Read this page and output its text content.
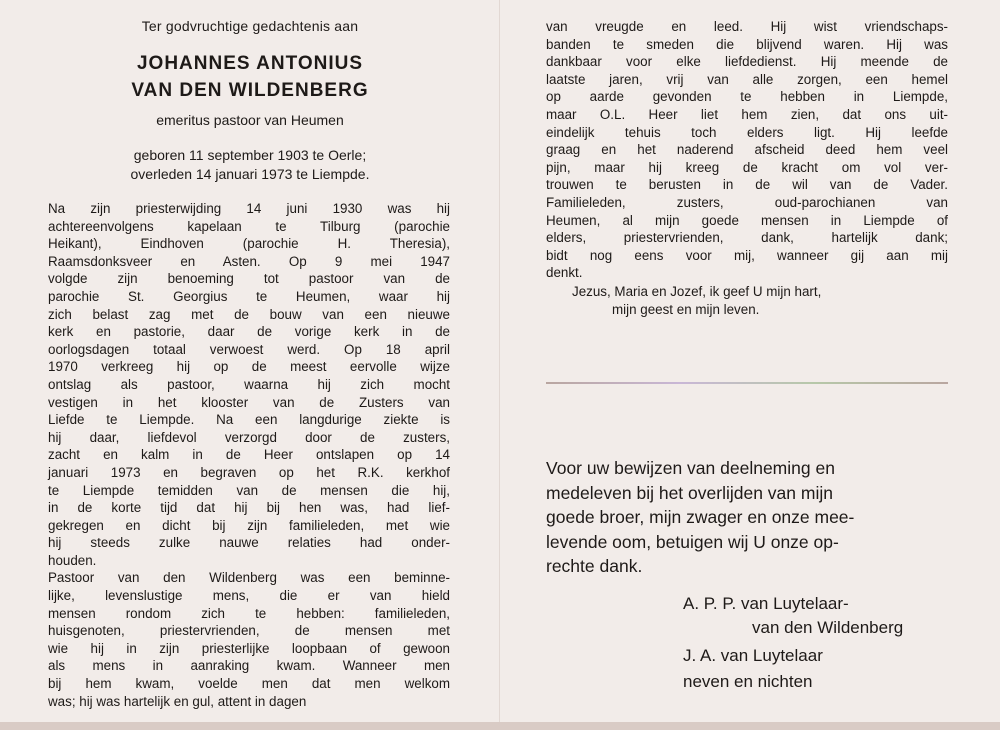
Ter godvruchtige gedachtenis aan
JOHANNES ANTONIUS
VAN DEN WILDENBERG
emeritus pastoor van Heumen
geboren 11 september 1903 te Oerle;
overleden 14 januari 1973 te Liempde.
Na zijn priesterwijding 14 juni 1930 was hij
achtereenvolgens kapelaan te Tilburg (parochie
Heikant), Eindhoven (parochie H. Theresia),
Raamsdonksveer en Asten. Op 9 mei 1947
volgde zijn benoeming tot pastoor van de
parochie St. Georgius te Heumen, waar hij
zich belast zag met de bouw van een nieuwe
kerk en pastorie, daar de vorige kerk in de
oorlogsdagen totaal verwoest werd. Op 18 april
1970 verkreeg hij op de meest eervolle wijze
ontslag als pastoor, waarna hij zich mocht
vestigen in het klooster van de Zusters van
Liefde te Liempde. Na een langdurige ziekte is
hij daar, liefdevol verzorgd door de zusters,
zacht en kalm in de Heer ontslapen op 14
januari 1973 en begraven op het R.K. kerkhof
te Liempde temidden van de mensen die hij,
in de korte tijd dat hij bij hen was, had lief-
gekregen en dicht bij zijn familieleden, met wie
hij steeds zulke nauwe relaties had onder-
houden.
Pastoor van den Wildenberg was een beminne-
lijke, levenslustige mens, die er van hield
mensen rondom zich te hebben: familieleden,
huisgenoten, priestervrienden, de mensen met
wie hij in zijn priesterlijke loopbaan of gewoon
als mens in aanraking kwam. Wanneer men
bij hem kwam, voelde men dat men welkom
was; hij was hartelijk en gul, attent in dagen
van vreugde en leed. Hij wist vriendschaps-
banden te smeden die blijvend waren. Hij was
dankbaar voor elke liefdedienst. Hij meende de
laatste jaren, vrij van alle zorgen, een hemel
op aarde gevonden te hebben in Liempde,
maar O.L. Heer liet hem zien, dat ons uit-
eindelijk tehuis toch elders ligt. Hij leefde
graag en het naderend afscheid deed hem veel
pijn, maar hij kreeg de kracht om vol ver-
trouwen te berusten in de wil van de Vader.
Familieleden, zusters, oud-parochianen van
Heumen, al mijn goede mensen in Liempde of
elders, priestervrienden, dank, hartelijk dank;
bidt nog eens voor mij, wanneer gij aan mij
denkt.
Jezus, Maria en Jozef, ik geef U mijn hart,
mijn geest en mijn leven.
Voor uw bewijzen van deelneming en
medeleven bij het overlijden van mijn
goede broer, mijn zwager en onze mee-
levende oom, betuigen wij U onze op-
rechte dank.
A. P. P. van Luytelaar-
van den Wildenberg
J. A. van Luytelaar
neven en nichten
